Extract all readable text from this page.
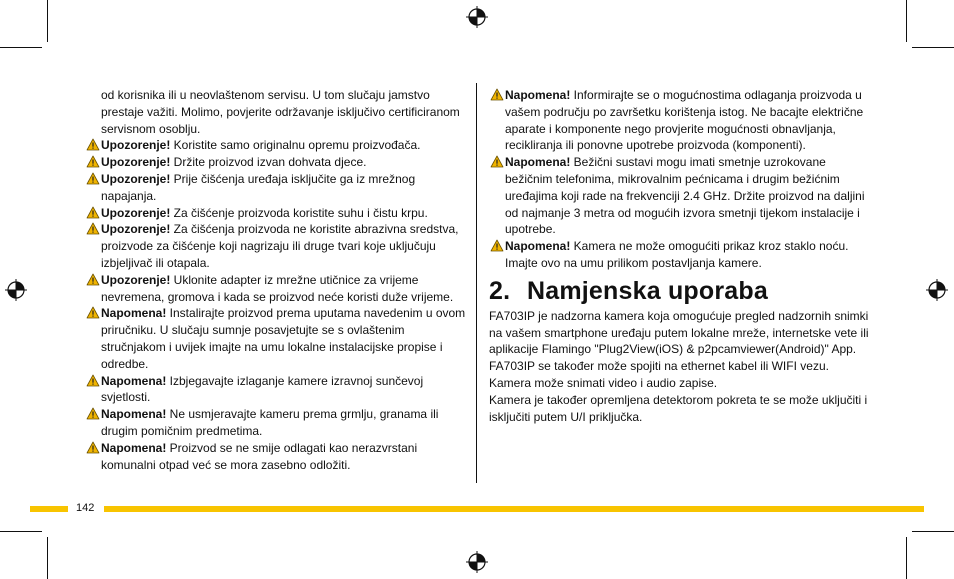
od korisnika ili u neovlaštenom servisu. U tom slučaju jamstvo prestaje važiti. Molimo, povjerite održavanje isključivo certificiranom servisnom osoblju.

Upozorenje! Koristite samo originalnu opremu proizvođača.
Upozorenje! Držite proizvod izvan dohvata djece.
Upozorenje! Prije čišćenja uređaja isključite ga iz mrežnog napajanja.
Upozorenje! Za čišćenje proizvoda koristite suhu i čistu krpu.
Upozorenje! Za čišćenja proizvoda ne koristite abrazivna sredstva, proizvode za čišćenje koji nagrizaju ili druge tvari koje uključuju izbjeljivač ili otapala.
Upozorenje! Uklonite adapter iz mrežne utičnice za vrijeme nevremena, gromova i kada se proizvod neće koristi duže vrijeme.
Napomena! Instalirajte proizvod prema uputama navedenim u ovom priručniku. U slučaju sumnje posavjetujte se s ovlaštenim stručnjakom i uvijek imajte na umu lokalne instalacijske propise i odredbe.
Napomena! Izbjegavajte izlaganje kamere izravnoj sunčevoj svjetlosti.
Napomena! Ne usmjeravajte kameru prema grmlju, granama ili drugim pomičnim predmetima.
Napomena! Proizvod se ne smije odlagati kao nerazvrstani komunalni otpad već se mora zasebno odložiti.
Napomena! Informirajte se o mogućnostima odlaganja proizvoda u vašem području po završetku korištenja istog. Ne bacajte električne aparate i komponente nego provjerite mogućnosti obnavljanja, recikliranja ili ponovne upotrebe proizvoda (komponenti).
Napomena! Bežični sustavi mogu imati smetnje uzrokovane bežičnim telefonima, mikrovalnim pećnicama i drugim bežićnim uređajima koji rade na frekvenciji 2.4 GHz. Držite proizvod na daljini od najmanje 3 metra od mogućih izvora smetnji tijekom instalacije i upotrebe.
Napomena! Kamera ne može omogućiti prikaz kroz staklo noću. Imajte ovo na umu prilikom postavljanja kamere.
2. Namjenska uporaba

FA703IP je nadzorna kamera koja omogućuje pregled nadzornih snimki na vašem smartphone uređaju putem lokalne mreže, internetske vete ili aplikacije Flamingo "Plug2View(iOS) & p2pcamviewer(Android)" App. FA703IP se također može spojiti na ethernet kabel ili WIFI vezu.

Kamera može snimati video i audio zapise.

Kamera je također opremljena detektorom pokreta te se može uključiti i isključiti putem U/I priključka.

142
